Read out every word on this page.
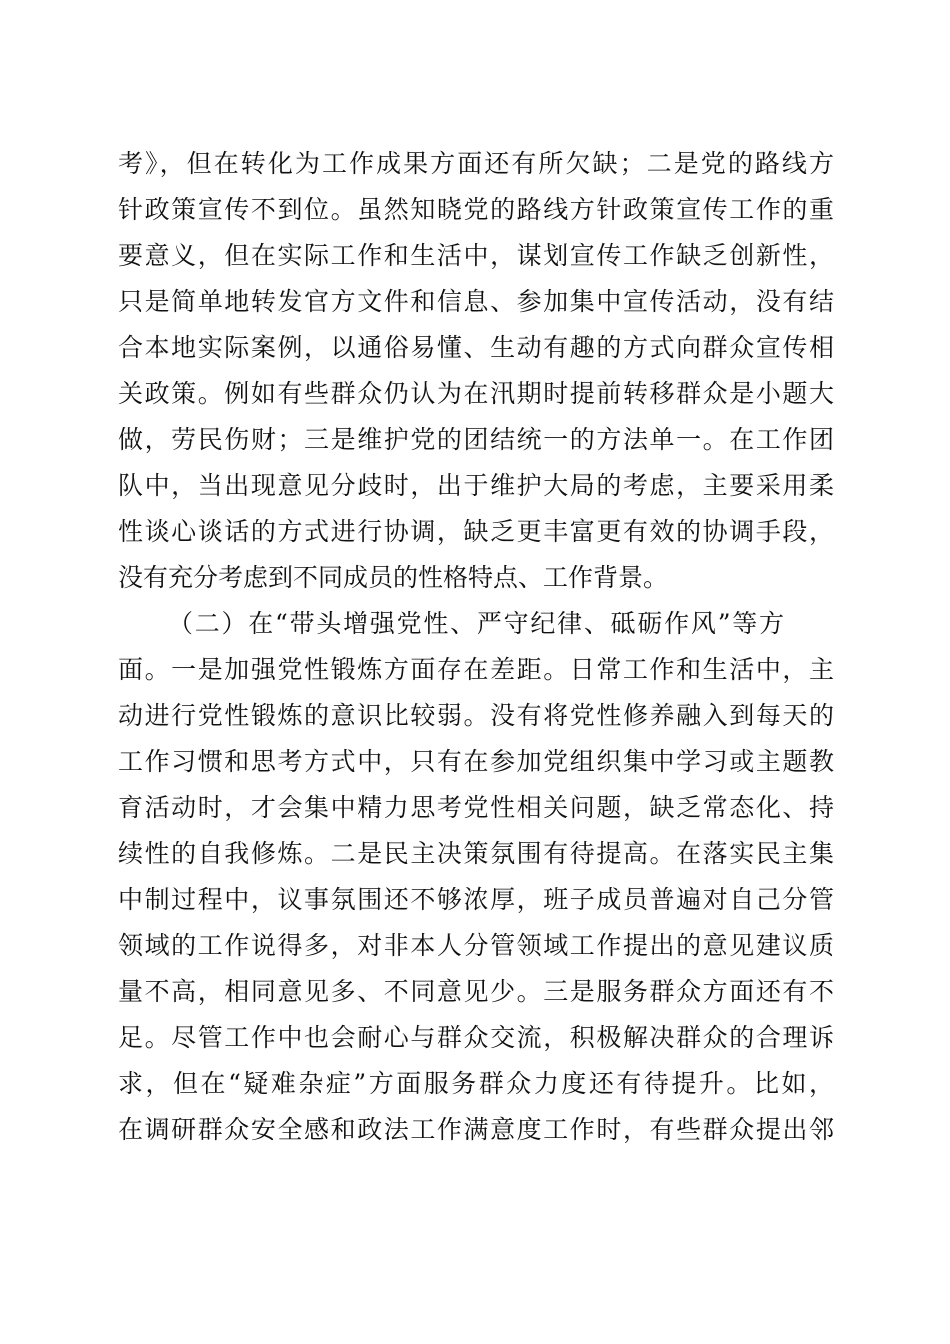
考》，但在转化为工作成果方面还有所欠缺；二是党的路线方
针政策宣传不到位。虽然知晓党的路线方针政策宣传工作的重
要意义，但在实际工作和生活中，谋划宣传工作缺乏创新性，
只是简单地转发官方文件和信息、参加集中宣传活动，没有结
合本地实际案例，以通俗易懂、生动有趣的方式向群众宣传相
关政策。例如有些群众仍认为在汛期时提前转移群众是小题大
做，劳民伤财；三是维护党的团结统一的方法单一。在工作团
队中，当出现意见分歧时，出于维护大局的考虑，主要采用柔
性谈心谈话的方式进行协调，缺乏更丰富更有效的协调手段，
没有充分考虑到不同成员的性格特点、工作背景。
（二）在“带头增强党性、严守纪律、砥砺作风”等方
面。一是加强党性锻炼方面存在差距。日常工作和生活中，主
动进行党性锻炼的意识比较弱。没有将党性修养融入到每天的
工作习惯和思考方式中，只有在参加党组织集中学习或主题教
育活动时，才会集中精力思考党性相关问题，缺乏常态化、持
续性的自我修炼。二是民主决策氛围有待提高。在落实民主集
中制过程中，议事氛围还不够浓厚，班子成员普遍对自己分管
领域的工作说得多，对非本人分管领域工作提出的意见建议质
量不高，相同意见多、不同意见少。三是服务群众方面还有不
足。尽管工作中也会耐心与群众交流，积极解决群众的合理诉
求，但在“疑难杂症”方面服务群众力度还有待提升。比如，
在调研群众安全感和政法工作满意度工作时，有些群众提出邻
